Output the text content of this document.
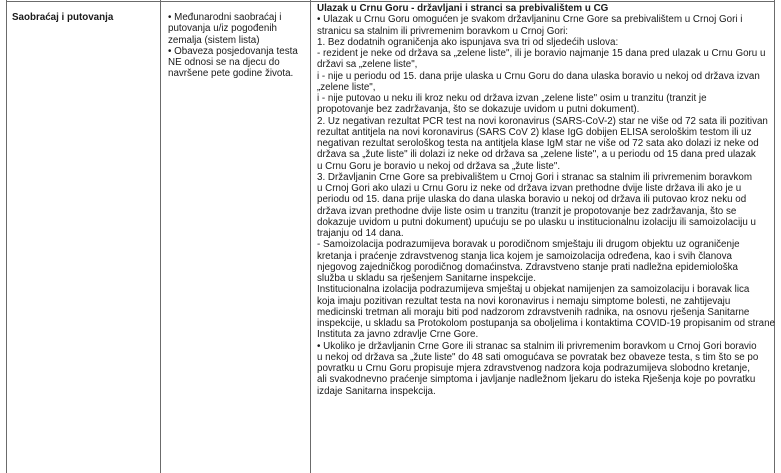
Saobraćaj i putovanja	• Međunarodni saobraćaj i putovanja u/iz pogođenih zemalja (sistem lista)

• Obaveza posjedovanja testa NE odnosi se na djecu do navršene pete godine života.

Ulazak u Crnu Goru - državljani i stranci sa prebivalištem u CG

• Ulazak u Crnu Goru omogućen je svakom državljaninu Crne Gore sa prebivalištem u Crnoj Gori i

stranicu sa stalnim ili privremenim boravkom u Crnoj Gori:

1. Bez dodatnih ograničenja ako ispunjava sva tri od sljedećih uslova:

- rezident je neke od država sa „zelene liste", ili je boravio najmanje 15 dana pred ulazak u Crnu Goru u

državi sa „zelene liste",

i - nije u periodu od 15. dana prije ulaska u Crnu Goru do dana ulaska boravio u nekoj od država izvan

„zelene liste",

i - nije putovao u neku ili kroz neku od država izvan „zelene liste" osim u tranzitu (tranzit je

propotovanje bez zadržavanja, što se dokazuje uvidom u putni dokument).

2. Uz negativan rezultat PCR test na novi koronavirus (SARS-CoV-2) star ne više od 72 sata ili pozitivan

rezultat antitjela na novi koronavirus (SARS CoV 2) klase IgG dobijen ELISA serološkim testom ili uz

negativan rezultat serološkog testa na antitjela klase IgM star ne više od 72 sata ako dolazi iz neke od

država sa „žute liste" ili dolazi iz neke od država sa „zelene liste", a u periodu od 15 dana pred ulazak

u Crnu Goru je boravio u nekoj od država sa „žute liste".

3. Državljanin Crne Gore sa prebivalištem u Crnoj Gori i stranac sa stalnim ili privremenim boravkom

u Crnoj Gori ako ulazi u Crnu Goru iz neke od država izvan prethodne dvije liste država ili ako je u

periodu od 15. dana prije ulaska do dana ulaska boravio u nekoj od država ili putovao kroz neku od

država izvan prethodne dvije liste osim u tranzitu (tranzit je propotovanje bez zadržavanja, što se

dokazuje uvidom u putni dokument) upućuju se po ulasku u institucionalnu izolaciju ili samoizolaciju u

trajanju od 14 dana.

- Samoizolacija podrazumijeva boravak u porodičnom smještaju ili drugom objektu uz ograničenje

kretanja i praćenje zdravstvenog stanja lica kojem je samoizolacija određena, kao i svih članova

njegovog zajedničkog porodičnog domaćinstva. Zdravstveno stanje prati nadležna epidemiološka

služba u skladu sa rješenjem Sanitarne inspekcije.

Institucionalna izolacija podrazumijeva smještaj u objekat namijenjen za samoizolaciju i boravak lica

koja imaju pozitivan rezultat testa na novi koronavirus i nemaju simptome bolesti, ne zahtijevaju

medicinski tretman ali moraju biti pod nadzorom zdravstvenih radnika, na osnovu rješenja Sanitarne

inspekcije, u skladu sa Protokolom postupanja sa oboljelima i kontaktima COVID-19 propisanim od strane

Instituta za javno zdravlje Crne Gore.

• Ukoliko je državljanin Crne Gore ili stranac sa stalnim ili privremenim boravkom u Crnoj Gori boravio

u nekoj od država sa „žute liste" do 48 sati omogućava se povratak bez obaveze testa, s tim što se po

povratku u Crnu Goru propisuje mjera zdravstvenog nadzora koja podrazumijeva slobodno kretanje,

ali svakodnevno praćenje simptoma i javljanje nadležnom ljekaru do isteka Rješenja koje po povratku

izdaje Sanitarna inspekcija.
